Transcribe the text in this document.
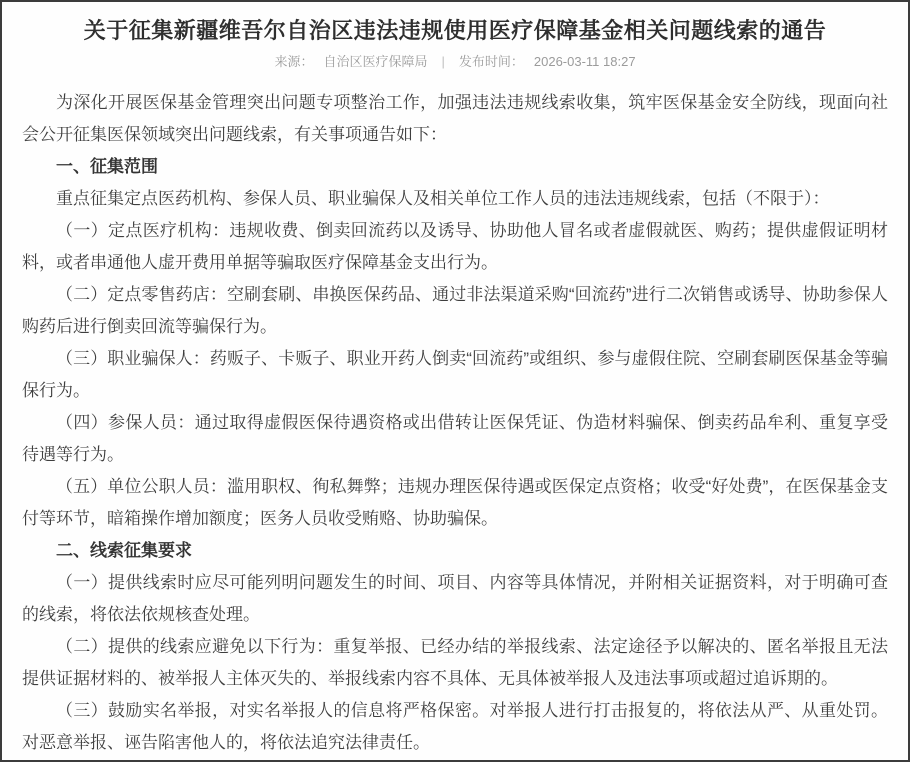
关于征集新疆维吾尔自治区违法违规使用医疗保障基金相关问题线索的通告
来源： 自治区医疗保障局 | 发布时间： 2026-03-11 18:27

为深化开展医保基金管理突出问题专项整治工作，加强违法违规线索收集，筑牢医保基金安全防线，现面向社会公开征集医保领域突出问题线索，有关事项通告如下：

一、征集范围

重点征集定点医药机构、参保人员、职业骗保人及相关单位工作人员的违法违规线索，包括（不限于）：

（一）定点医疗机构：违规收费、倒卖回流药以及诱导、协助他人冒名或者虚假就医、购药；提供虚假证明材料，或者串通他人虚开费用单据等骗取医疗保障基金支出行为。

（二）定点零售药店：空刷套刷、串换医保药品、通过非法渠道采购“回流药”进行二次销售或诱导、协助参保人购药后进行倒卖回流等骗保行为。

（三）职业骗保人：药贩子、卡贩子、职业开药人倒卖“回流药”或组织、参与虚假住院、空刷套刷医保基金等骗保行为。

（四）参保人员：通过取得虚假医保待遇资格或出借转让医保凭证、伪造材料骗保、倒卖药品牟利、重复享受待遇等行为。

（五）单位公职人员：滥用职权、徇私舞弊；违规办理医保待遇或医保定点资格；收受“好处费”，在医保基金支付等环节，暗箱操作增加额度；医务人员收受贿赂、协助骗保。

二、线索征集要求

（一）提供线索时应尽可能列明问题发生的时间、项目、内容等具体情况，并附相关证据资料，对于明确可查的线索，将依法依规核查处理。

（二）提供的线索应避免以下行为：重复举报、已经办结的举报线索、法定途径予以解决的、匿名举报且无法提供证据材料的、被举报人主体灭失的、举报线索内容不具体、无具体被举报人及违法事项或超过追诉期的。

（三）鼓励实名举报，对实名举报人的信息将严格保密。对举报人进行打击报复的，将依法从严、从重处罚。对恶意举报、诬告陷害他人的，将依法追究法律责任。
